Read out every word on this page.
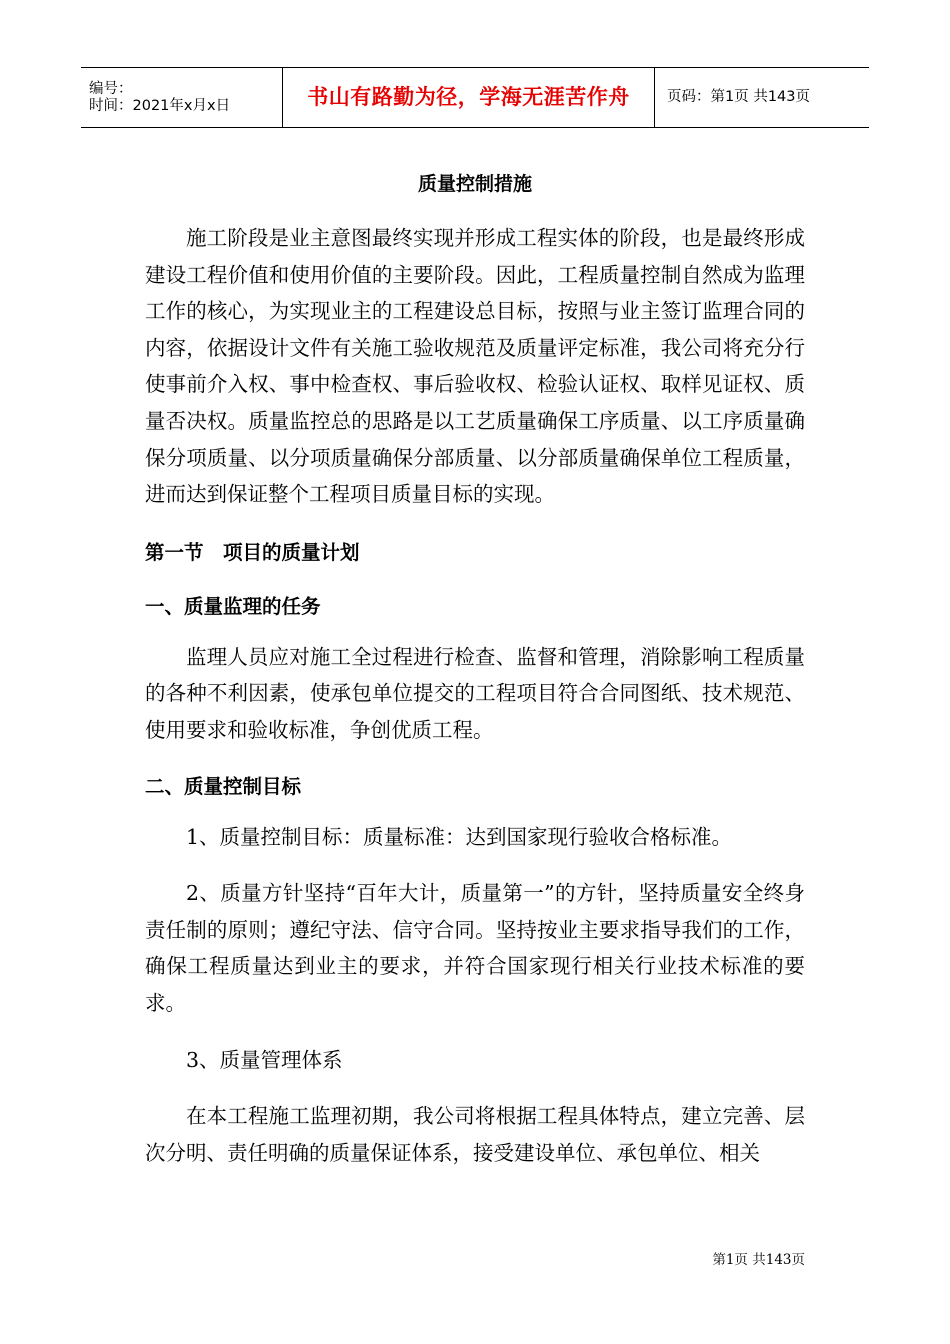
编号：
时间：2021年x月x日	书山有路勤为径，学海无涯苦作舟	页码：第1页 共143页
质量控制措施

施工阶段是业主意图最终实现并形成工程实体的阶段，也是最终形成建设工程价值和使用价值的主要阶段。因此，工程质量控制自然成为监理工作的核心，为实现业主的工程建设总目标，按照与业主签订监理合同的内容，依据设计文件有关施工验收规范及质量评定标准，我公司将充分行使事前介入权、事中检查权、事后验收权、检验认证权、取样见证权、质量否决权。质量监控总的思路是以工艺质量确保工序质量、以工序质量确保分项质量、以分项质量确保分部质量、以分部质量确保单位工程质量，进而达到保证整个工程项目质量目标的实现。

第一节　项目的质量计划
一、质量监理的任务

监理人员应对施工全过程进行检查、监督和管理，消除影响工程质量的各种不利因素，使承包单位提交的工程项目符合合同图纸、技术规范、使用要求和验收标准，争创优质工程。

二、质量控制目标

1、质量控制目标：质量标准：达到国家现行验收合格标准。

2、质量方针坚持“百年大计，质量第一”的方针，坚持质量安全终身责任制的原则；遵纪守法、信守合同。坚持按业主要求指导我们的工作，确保工程质量达到业主的要求，并符合国家现行相关行业技术标准的要求。

3、质量管理体系

在本工程施工监理初期，我公司将根据工程具体特点，建立完善、层次分明、责任明确的质量保证体系，接受建设单位、承包单位、相关

第1页 共143页
